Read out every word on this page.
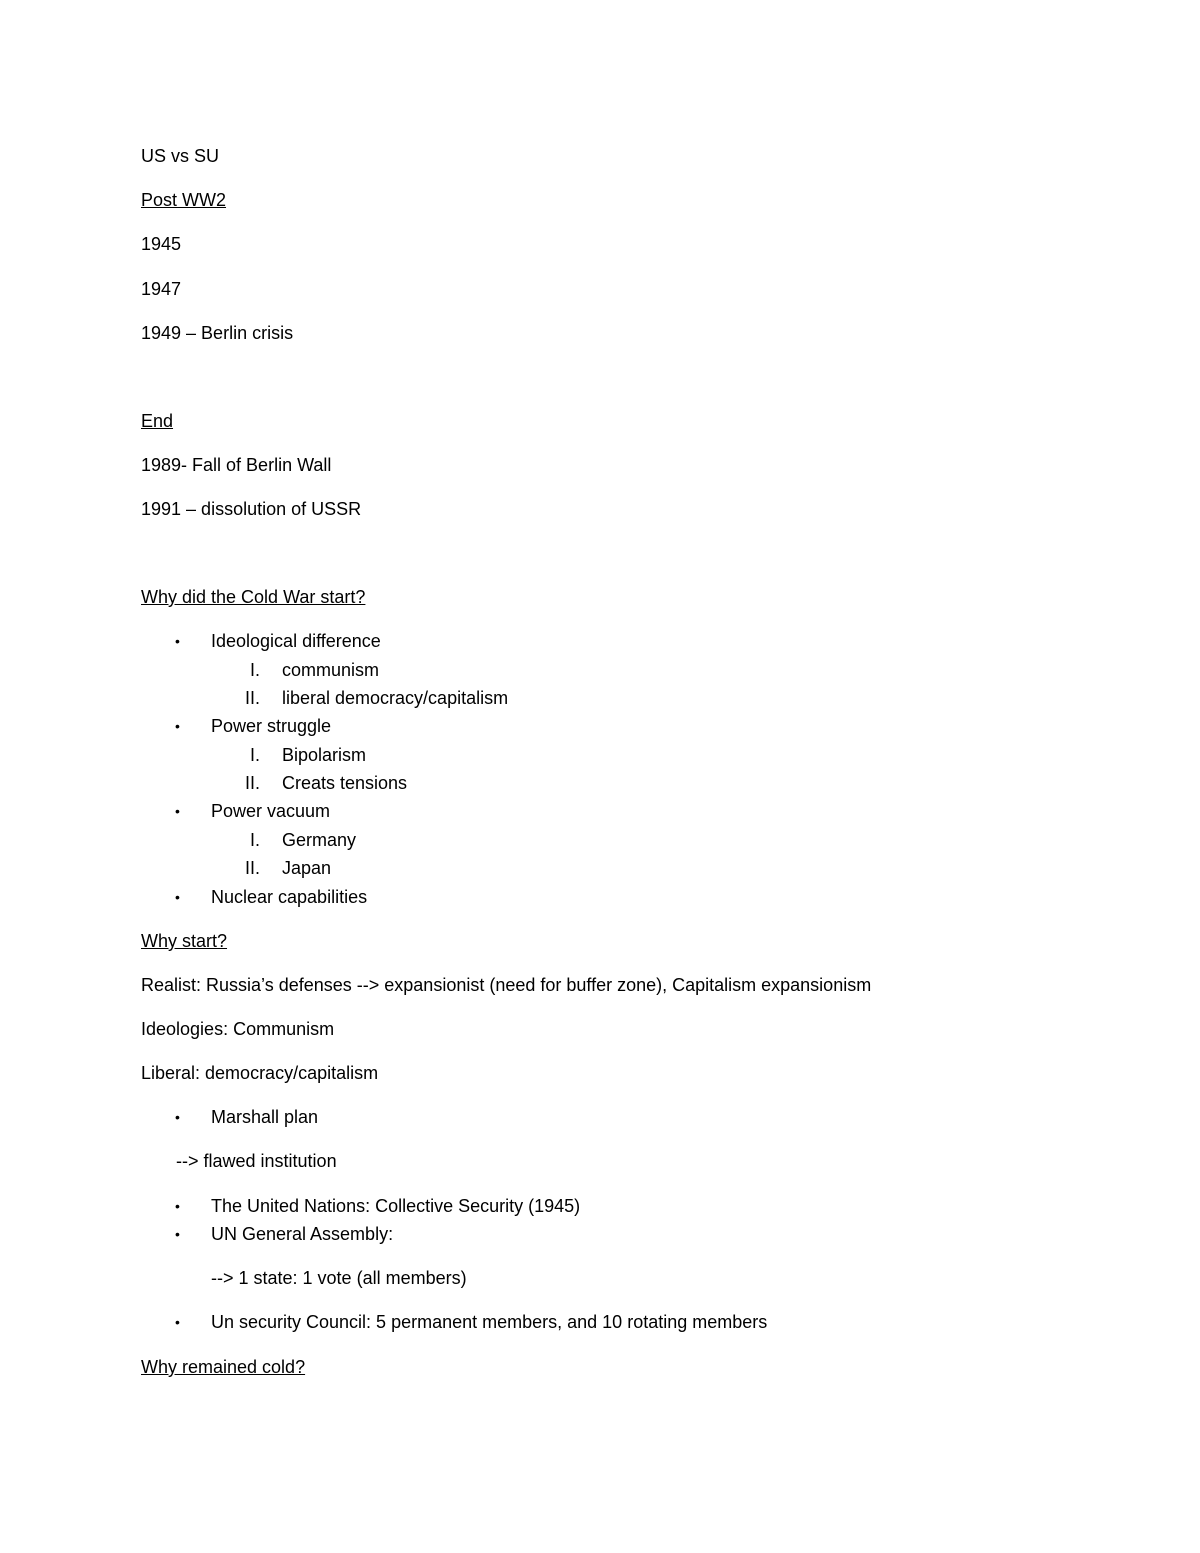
US vs SU
Post WW2
1945
1947
1949 – Berlin crisis
End
1989- Fall of Berlin Wall
1991 – dissolution of USSR
Why did the Cold War start?
• Ideological difference
I. communism
II. liberal democracy/capitalism
• Power struggle
I. Bipolarism
II. Creats tensions
• Power vacuum
I. Germany
II. Japan
• Nuclear capabilities
Why start?
Realist: Russia’s defenses --> expansionist (need for buffer zone), Capitalism expansionism
Ideologies: Communism
Liberal: democracy/capitalism
• Marshall plan
--> flawed institution
• The United Nations: Collective Security (1945)
• UN General Assembly:
--> 1 state: 1 vote (all members)
• Un security Council: 5 permanent members, and 10 rotating members
Why remained cold?
